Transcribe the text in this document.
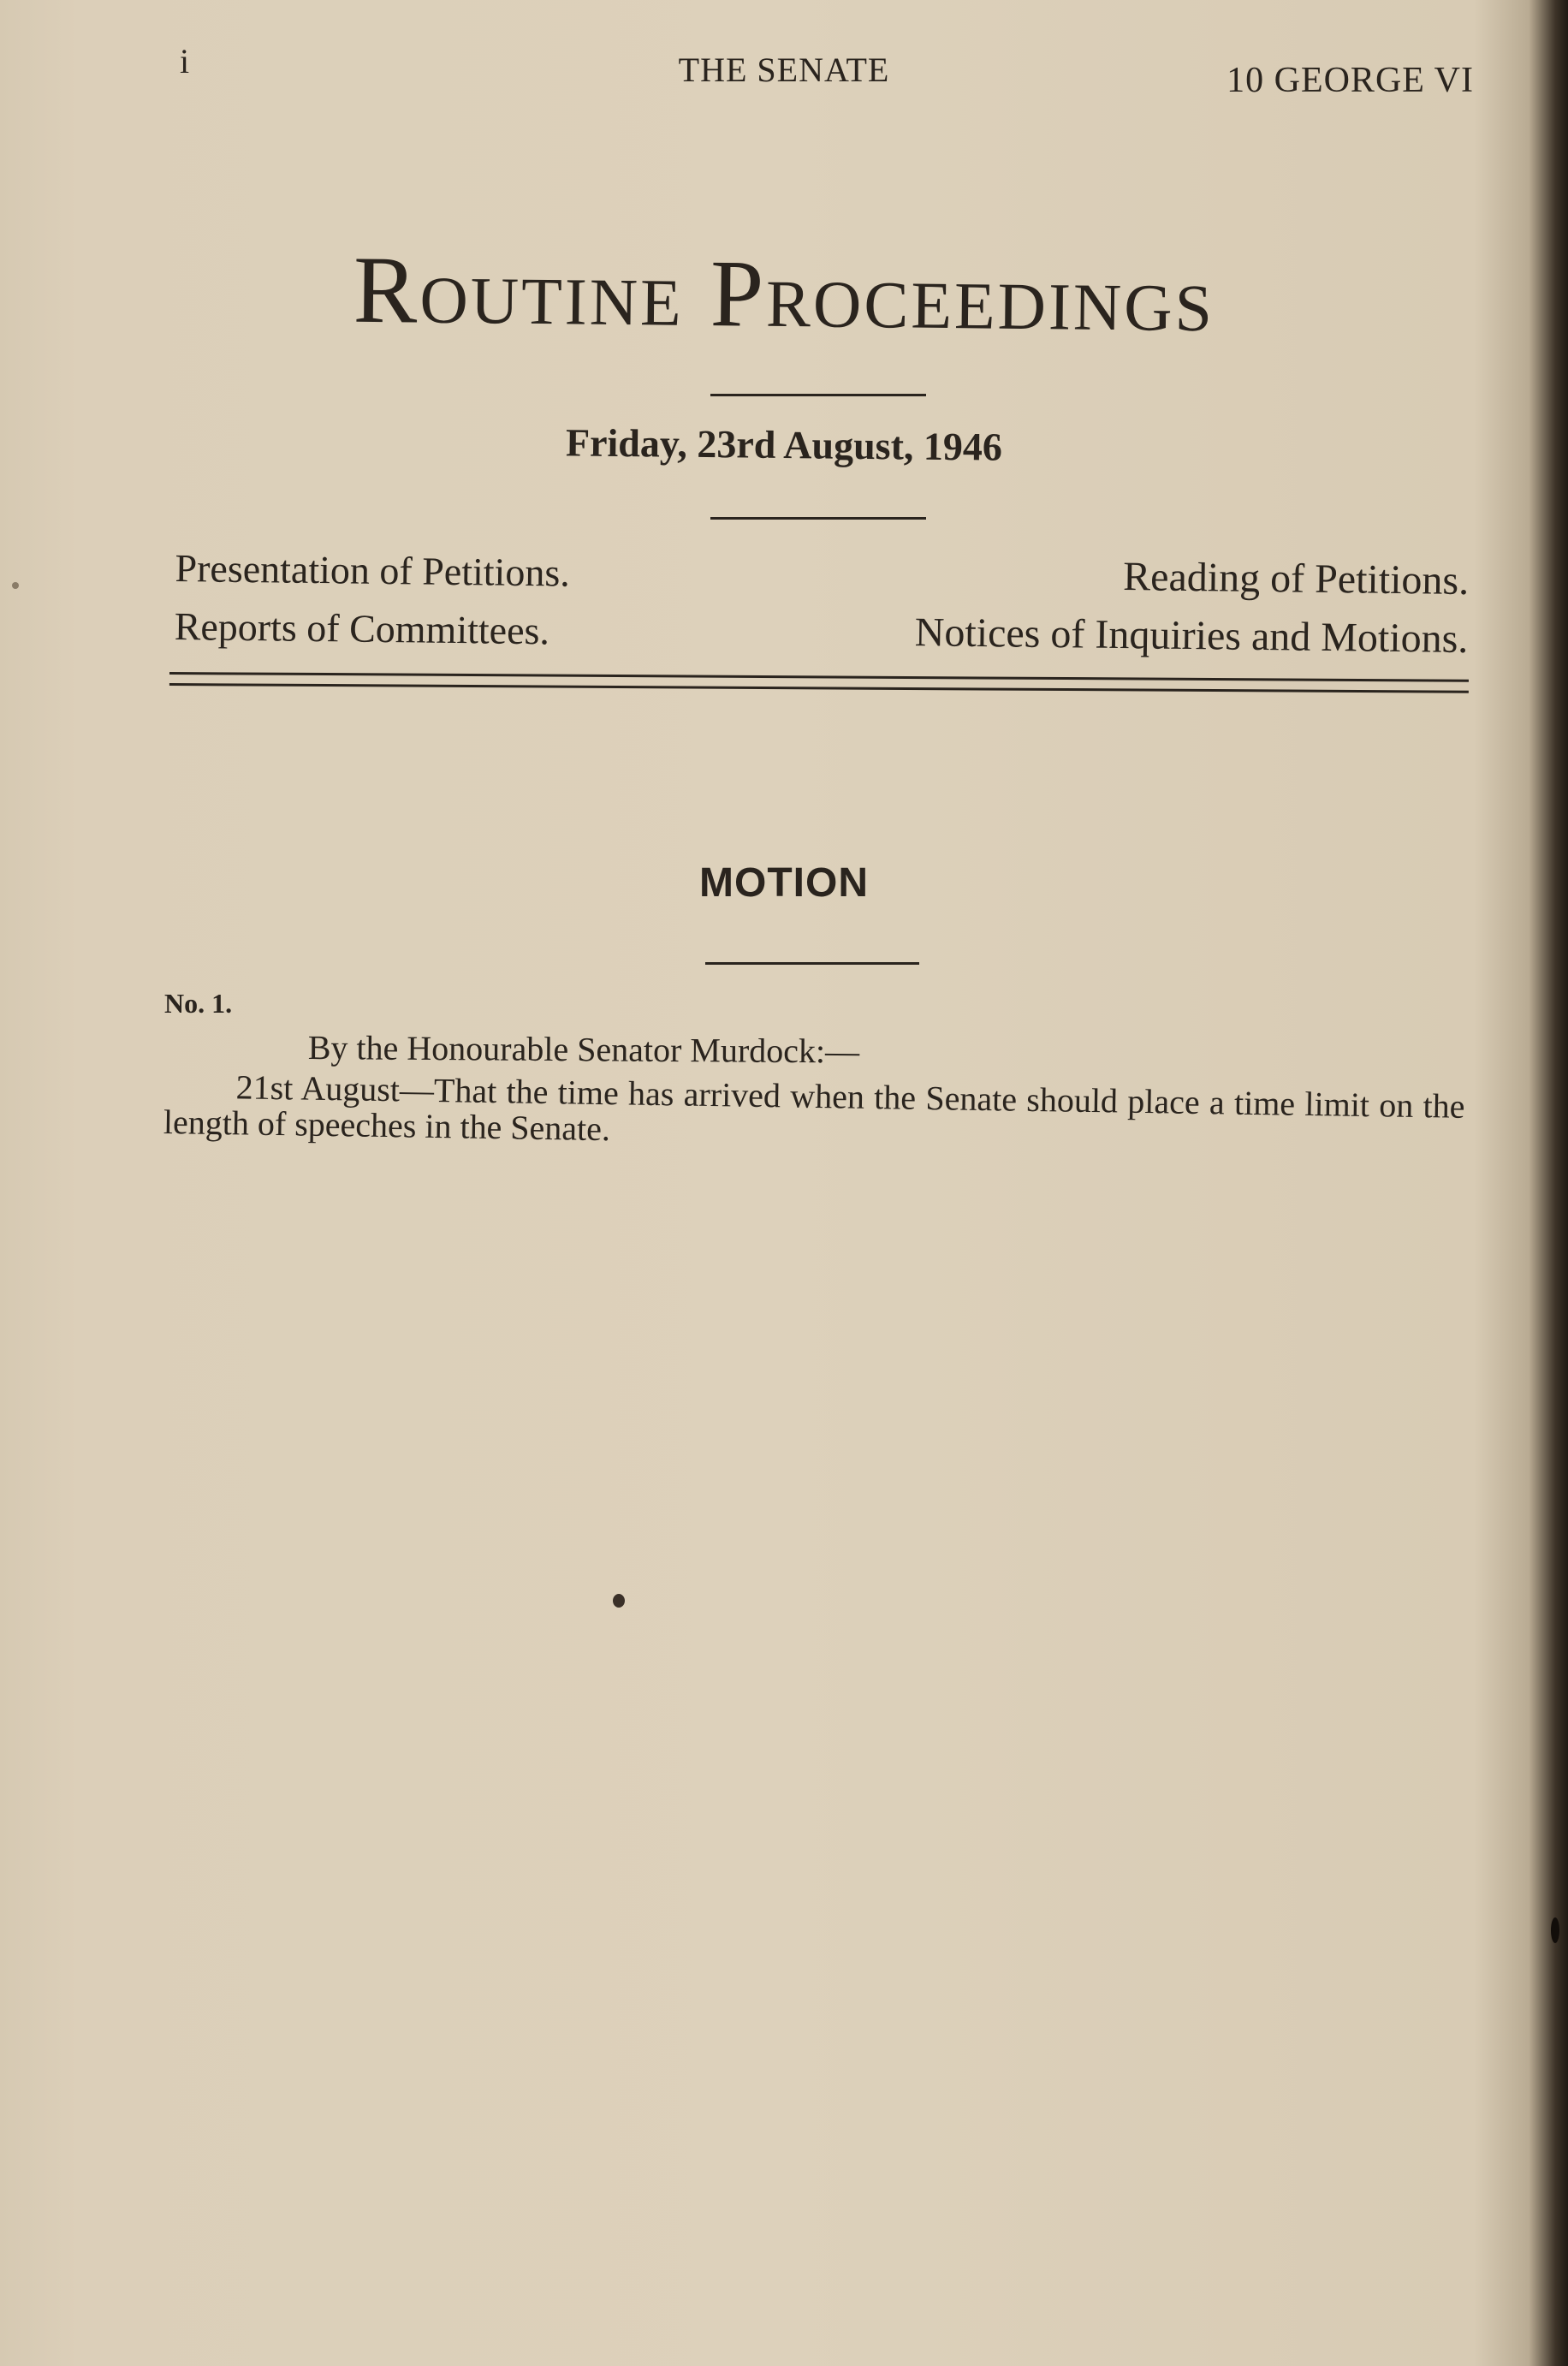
i	THE SENATE	10 GEORGE VI
Routine Proceedings
Friday, 23rd August, 1946
Presentation of Petitions.
Reports of Committees.
Reading of Petitions.
Notices of Inquiries and Motions.
MOTION
No. 1.
By the Honourable Senator Murdock:—
21st August—That the time has arrived when the Senate should place a time limit on the length of speeches in the Senate.
